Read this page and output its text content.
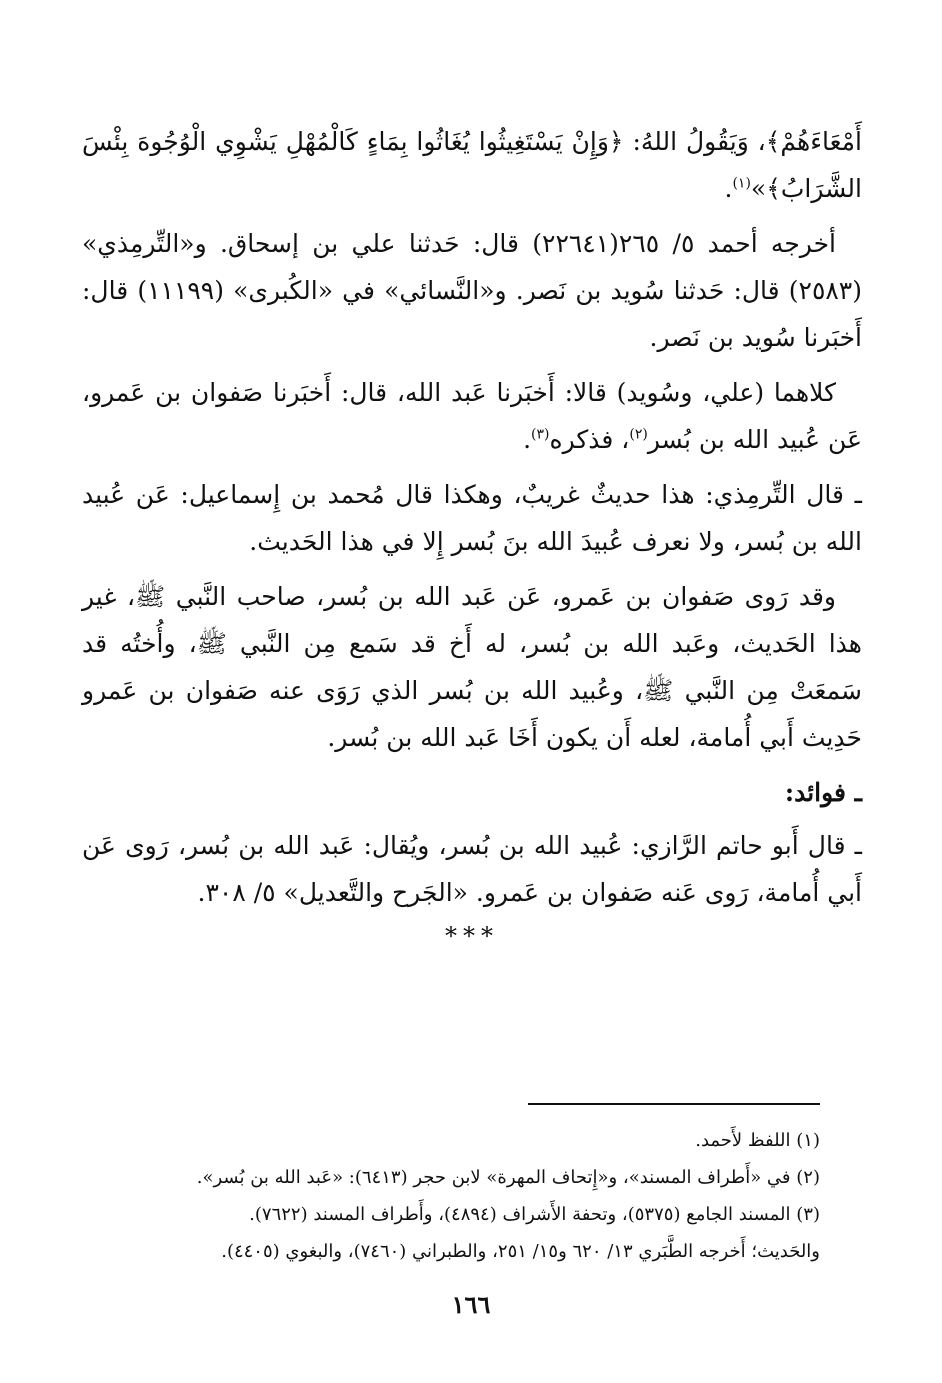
أَمْعَاءَهُمْ﴾، وَيَقُولُ اللهُ: ﴿وَإِنْ يَسْتَغِيثُوا يُغَاثُوا بِمَاءٍ كَالْمُهْلِ يَشْوِي الْوُجُوهَ بِئْسَ الشَّرَابُ﴾»$^{(١)}$.

أخرجه أحمد ٥/ ٢٦٥(٢٢٦٤١) قال: حَدثنا علي بن إسحاق. و«التِّرمِذي» (٢٥٨٣) قال: حَدثنا سُويد بن نَصر. و«النَّسائي» في «الكُبرى» (١١١٩٩) قال: أَخبَرنا سُويد بن نَصر.

كلاهما (علي، وسُويد) قالا: أَخبَرنا عَبد الله، قال: أَخبَرنا صَفوان بن عَمرو، عَن عُبيد الله بن بُسر$^{(٢)}$، فذكره$^{(٣)}$.

ـ قال التِّرمِذي: هذا حديثٌ غريبٌ، وهكذا قال مُحمد بن إِسماعيل: عَن عُبيد الله بن بُسر، ولا نعرف عُبيدَ الله بنَ بُسر إِلا في هذا الحَديث.

وقد رَوى صَفوان بن عَمرو، عَن عَبد الله بن بُسر، صاحب النَّبي ﷺ، غير هذا الحَديث، وعَبد الله بن بُسر، له أَخ قد سَمع مِن النَّبي ﷺ، وأُختُه قد سَمعَتْ مِن النَّبي ﷺ، وعُبيد الله بن بُسر الذي رَوَى عنه صَفوان بن عَمرو حَدِيث أَبي أُمامة، لعله أَن يكون أَخَا عَبد الله بن بُسر.

ـ فوائد:

ـ قال أَبو حاتم الرَّازي: عُبيد الله بن بُسر، ويُقال: عَبد الله بن بُسر، رَوى عَن أَبي أُمامة، رَوى عَنه صَفوان بن عَمرو. «الجَرح والتَّعديل» ٥/ ٣٠٨.

***

(١) اللفظ لأَحمد.

(٢) في «أَطراف المسند»، و«إِتحاف المهرة» لابن حجر (٦٤١٣): «عَبد الله بن بُسر».

(٣) المسند الجامع (٥٣٧٥)، وتحفة الأَشراف (٤٨٩٤)، وأَطراف المسند (٧٦٢٢).

والحَديث؛ أَخرجه الطَّبَري ١٣/ ٦٢٠ و١٥/ ٢٥١، والطبراني (٧٤٦٠)، والبغوي (٤٤٠٥).

١٦٦
